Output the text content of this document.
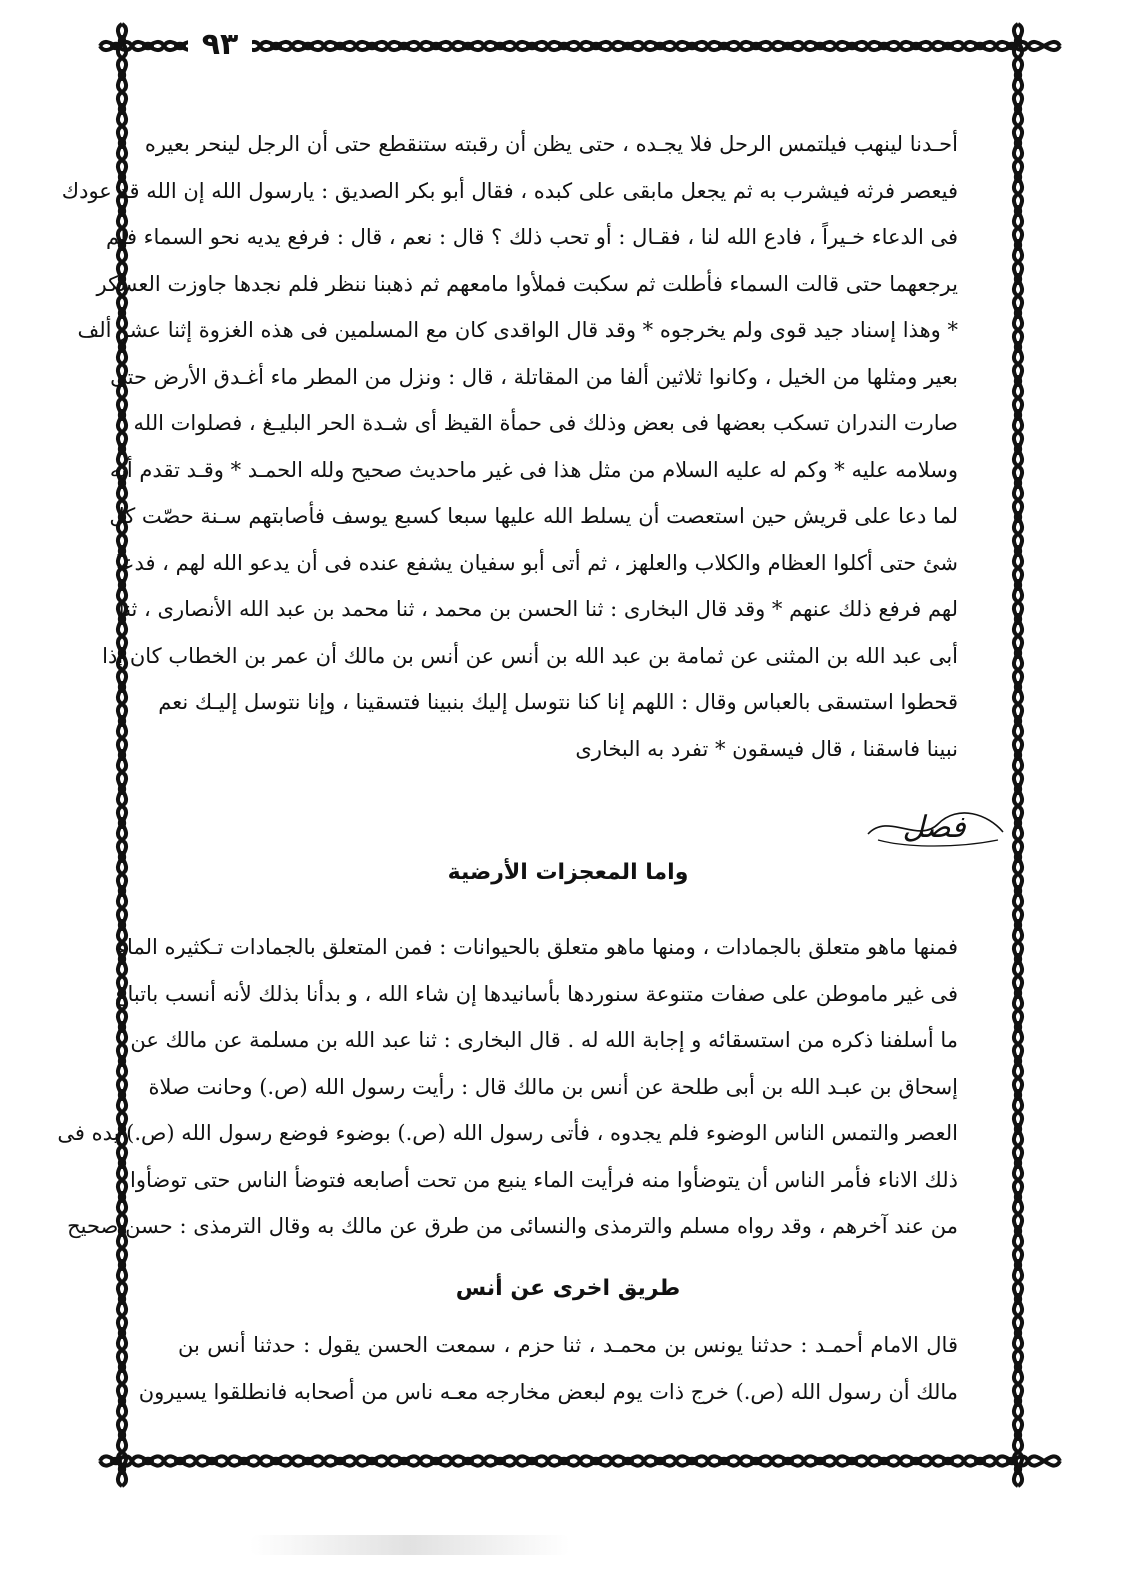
٩٣
أحـدنا لينهب فيلتمس الرحل فلا يجـده ، حتى يظن أن رقبته ستنقطع حتى أن الرجل لينحر بعيره
فيعصر فرثه فيشرب به ثم يجعل مابقى على كبده ، فقال أبو بكر الصديق : يارسول الله إن الله قد عودك
فى الدعاء خـيراً ، فادع الله لنا ، فقـال : أو تحب ذلك ؟ قال : نعم ، قال : فرفع يديه نحو السماء فلم
يرجعهما حتى قالت السماء فأطلت ثم سكبت فملأوا مامعهم ثم ذهبنا ننظر فلم نجدها جاوزت العسكر
* وهذا إسناد جيد قوى ولم يخرجوه * وقد قال الواقدى كان مع المسلمين فى هذه الغزوة إثنا عشر ألف
بعير ومثلها من الخيل ، وكانوا ثلاثين ألفا من المقاتلة ، قال : ونزل من المطر ماء أغـدق الأرض حتى
صارت الندران تسكب بعضها فى بعض وذلك فى حمأة القيظ أى شـدة الحر البليـغ ، فصلوات الله
وسلامه عليه * وكم له عليه السلام من مثل هذا فى غير ماحديث صحيح ولله الحمـد * وقـد تقدم أنه
لما دعا على قريش حين استعصت أن يسلط الله عليها سبعا كسبع يوسف فأصابتهم سـنة حصّت كل
شئ حتى أكلوا العظام والكلاب والعلهز ، ثم أتى أبو سفيان يشفع عنده فى أن يدعو الله لهم ، فدعا
لهم فرفع ذلك عنهم * وقد قال البخارى : ثنا الحسن بن محمد ، ثنا محمد بن عبد الله الأنصارى ، ثنا
أبى عبد الله بن المثنى عن ثمامة بن عبد الله بن أنس عن أنس بن مالك أن عمر بن الخطاب كان إذا
قحطوا استسقى بالعباس وقال : اللهم إنا كنا نتوسل إليك بنبينا فتسقينا ، وإنا نتوسل إليـك نعم
نبينا فاسقنا ، قال فيسقون * تفرد به البخارى
فصل
واما المعجزات الأرضية
فمنها ماهو متعلق بالجمادات ، ومنها ماهو متعلق بالحيوانات : فمن المتعلق بالجمادات تـكثيره الماء
فى غير ماموطن على صفات متنوعة سنوردها بأسانيدها إن شاء الله ، و بدأنا بذلك لأنه أنسب باتباع
ما أسلفنا ذكره من استسقائه و إجابة الله له . قال البخارى : ثنا عبد الله بن مسلمة عن مالك عن
إسحاق بن عبـد الله بن أبى طلحة عن أنس بن مالك قال : رأيت رسول الله (ص.) وحانت صلاة
العصر والتمس الناس الوضوء فلم يجدوه ، فأتى رسول الله (ص.) بوضوء فوضع رسول الله (ص.) يده فى
ذلك الاناء فأمر الناس أن يتوضأوا منه فرأيت الماء ينبع من تحت أصابعه فتوضأ الناس حتى توضأوا
من عند آخرهم ، وقد رواه مسلم والترمذى والنسائى من طرق عن مالك به وقال الترمذى : حسن صحيح
طريق اخرى عن أنس
قال الامام أحمـد : حدثنا يونس بن محمـد ، ثنا حزم ، سمعت الحسن يقول : حدثنا أنس بن
مالك أن رسول الله (ص.) خرج ذات يوم لبعض مخارجه معـه ناس من أصحابه فانطلقوا يسيرون
